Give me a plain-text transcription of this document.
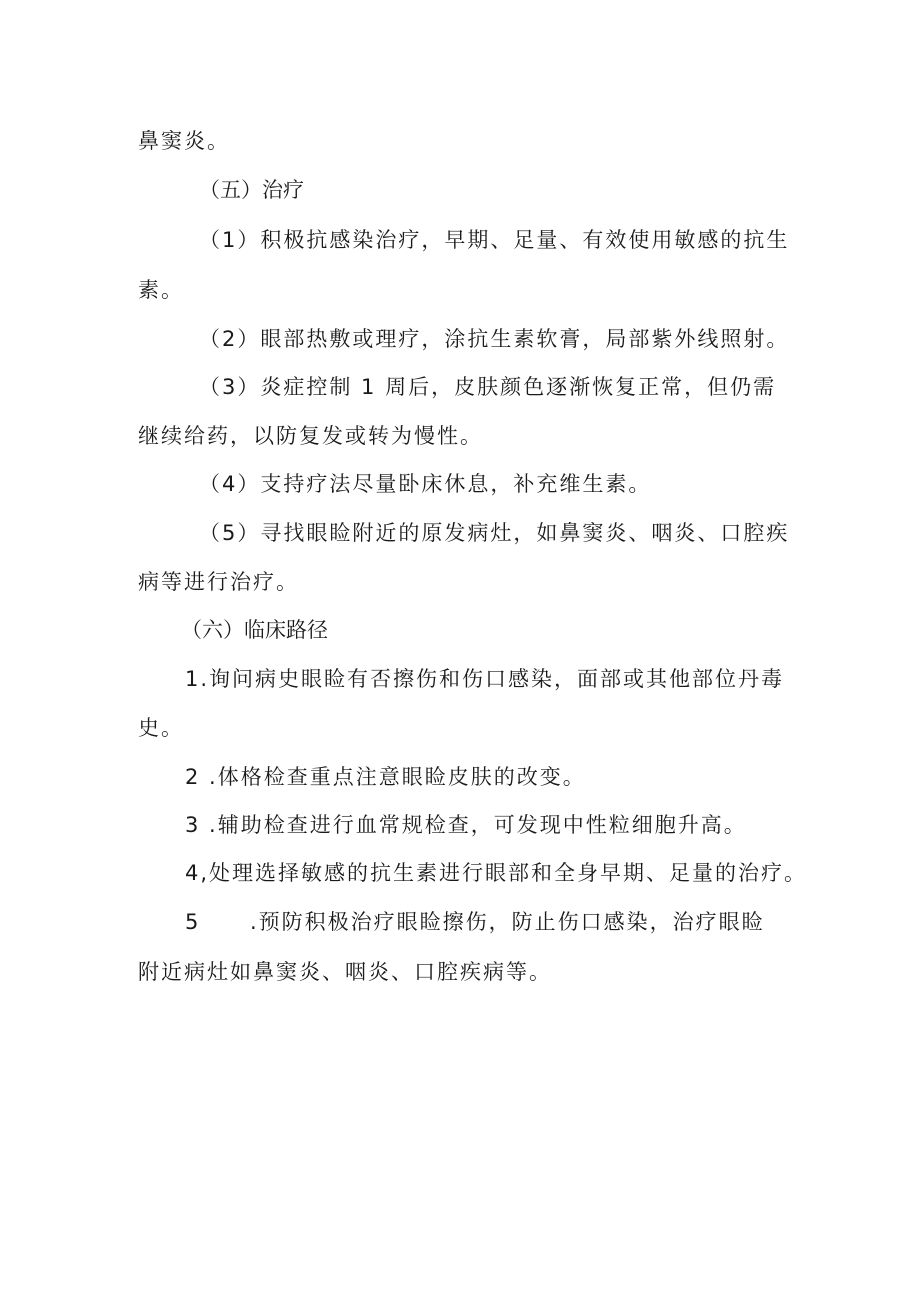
鼻窦炎。

（五）治疗

（1）积极抗感染治疗，早期、足量、有效使用敏感的抗生

素。

（2）眼部热敷或理疗，涂抗生素软膏，局部紫外线照射。

（3）炎症控制 1 周后，皮肤颜色逐渐恢复正常，但仍需

继续给药，以防复发或转为慢性。

（4）支持疗法尽量卧床休息，补充维生素。

（5）寻找眼睑附近的原发病灶，如鼻窦炎、咽炎、口腔疾

病等进行治疗。

（六）临床路径

1.询问病史眼睑有否擦伤和伤口感染，面部或其他部位丹毒

史。

2 .体格检查重点注意眼睑皮肤的改变。

3 .辅助检查进行血常规检查，可发现中性粒细胞升高。

4,处理选择敏感的抗生素进行眼部和全身早期、足量的治疗。

5 .预防积极治疗眼睑擦伤，防止伤口感染，治疗眼睑

附近病灶如鼻窦炎、咽炎、口腔疾病等。
